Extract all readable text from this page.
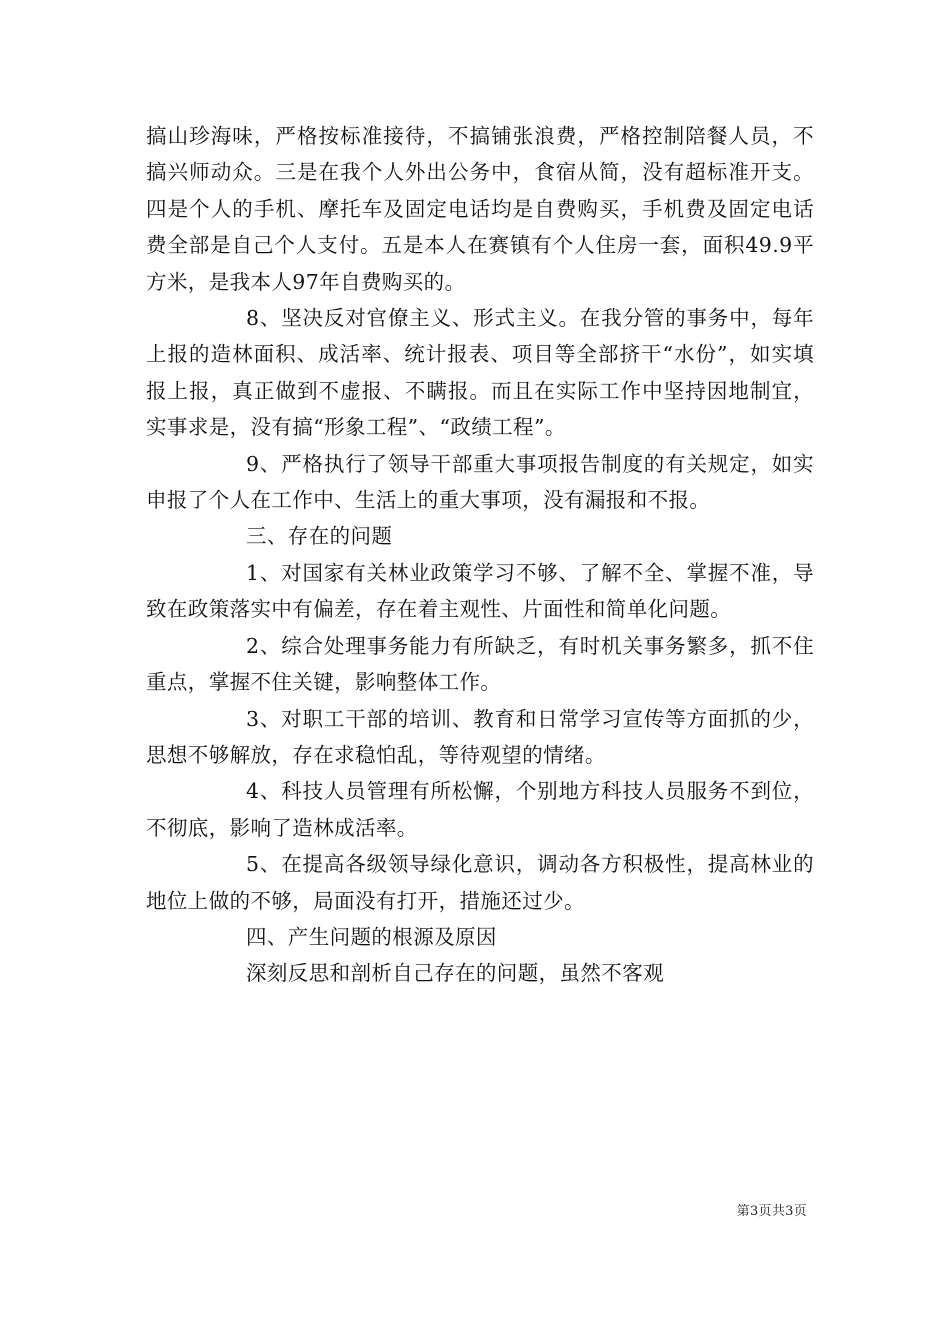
搞山珍海味，严格按标准接待，不搞铺张浪费，严格控制陪餐人员，不搞兴师动众。三是在我个人外出公务中，食宿从简，没有超标准开支。四是个人的手机、摩托车及固定电话均是自费购买，手机费及固定电话费全部是自己个人支付。五是本人在赛镇有个人住房一套，面积49.9平方米，是我本人97年自费购买的。

8、坚决反对官僚主义、形式主义。在我分管的事务中，每年上报的造林面积、成活率、统计报表、项目等全部挤干“水份”，如实填报上报，真正做到不虚报、不瞒报。而且在实际工作中坚持因地制宜，实事求是，没有搞“形象工程”、“政绩工程”。

9、严格执行了领导干部重大事项报告制度的有关规定，如实申报了个人在工作中、生活上的重大事项，没有漏报和不报。

三、存在的问题

1、对国家有关林业政策学习不够、了解不全、掌握不准，导致在政策落实中有偏差，存在着主观性、片面性和简单化问题。

2、综合处理事务能力有所缺乏，有时机关事务繁多，抓不住重点，掌握不住关键，影响整体工作。

3、对职工干部的培训、教育和日常学习宣传等方面抓的少，思想不够解放，存在求稳怕乱，等待观望的情绪。

4、科技人员管理有所松懈，个别地方科技人员服务不到位，不彻底，影响了造林成活率。

5、在提高各级领导绿化意识，调动各方积极性，提高林业的地位上做的不够，局面没有打开，措施还过少。

四、产生问题的根源及原因

深刻反思和剖析自己存在的问题，虽然不客观

第3页共3页
